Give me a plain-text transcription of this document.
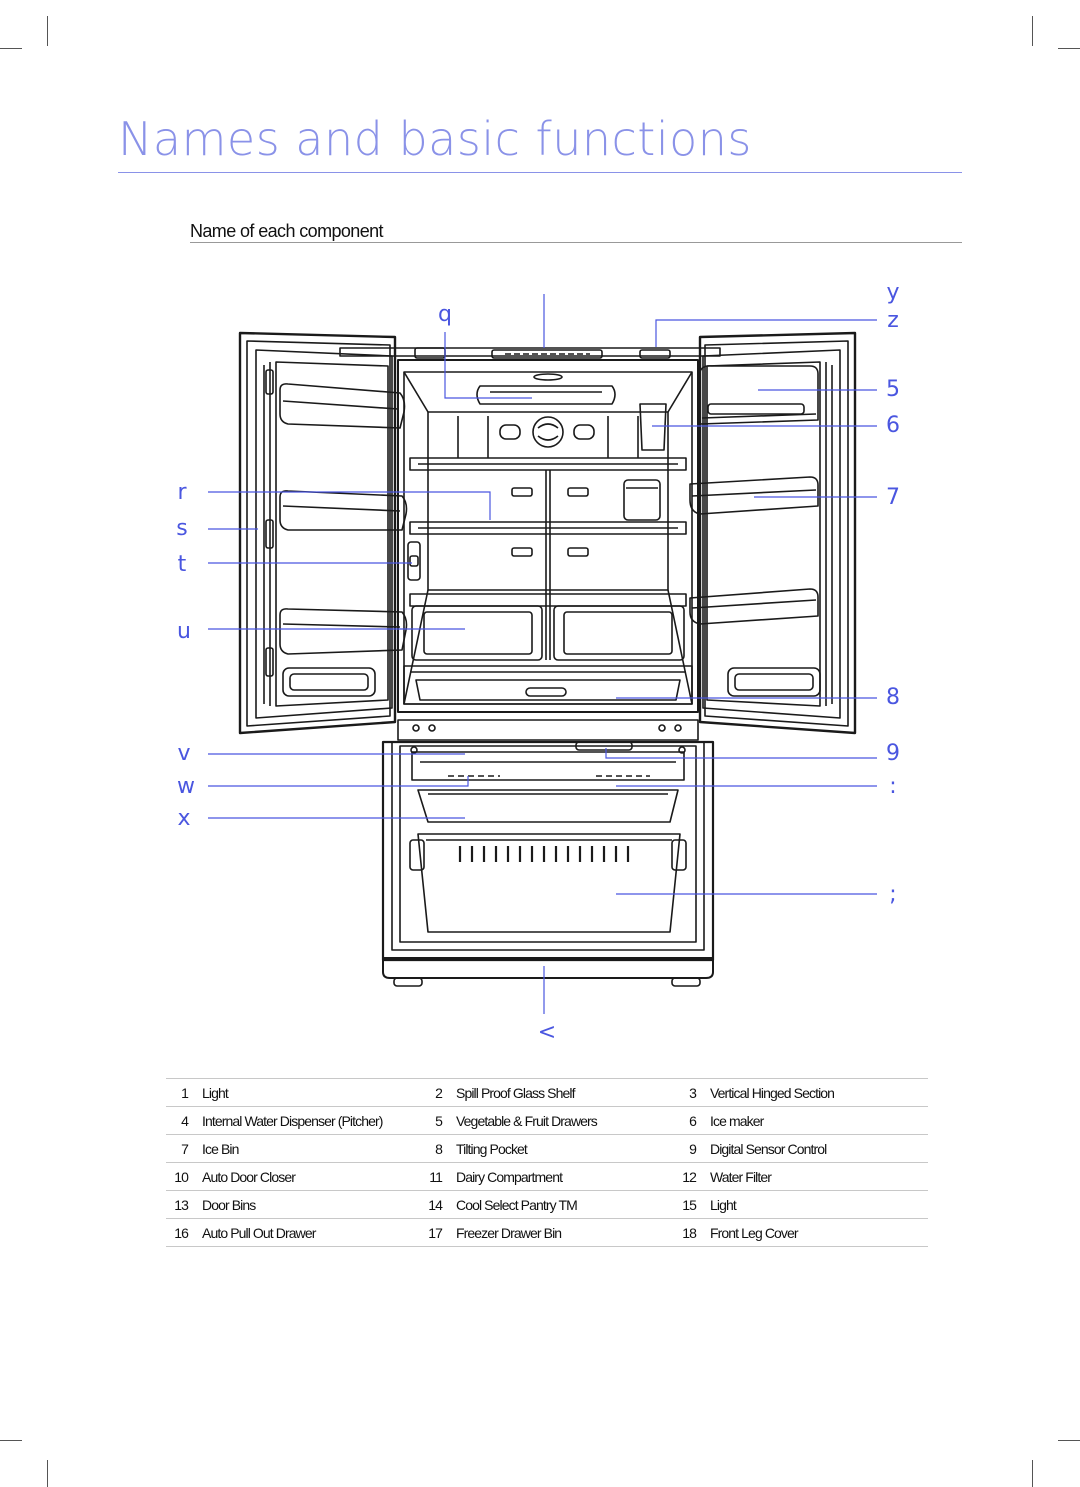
Names and basic functions
Name of each component
q
r
s
t
u
v
w
x
y
z
5
6
7
8
9
:
;
<
1	Light	2	Spill Proof Glass Shelf	3	Vertical Hinged Section
4	Internal Water Dispenser (Pitcher)	5	Vegetable & Fruit Drawers	6	Ice maker
7	Ice Bin	8	Tilting Pocket	9	Digital Sensor Control
10	Auto Door Closer	11	Dairy Compartment	12	Water Filter
13	Door Bins	14	Cool Select Pantry TM	15	Light
16	Auto Pull Out Drawer	17	Freezer Drawer Bin	18	Front Leg Cover
